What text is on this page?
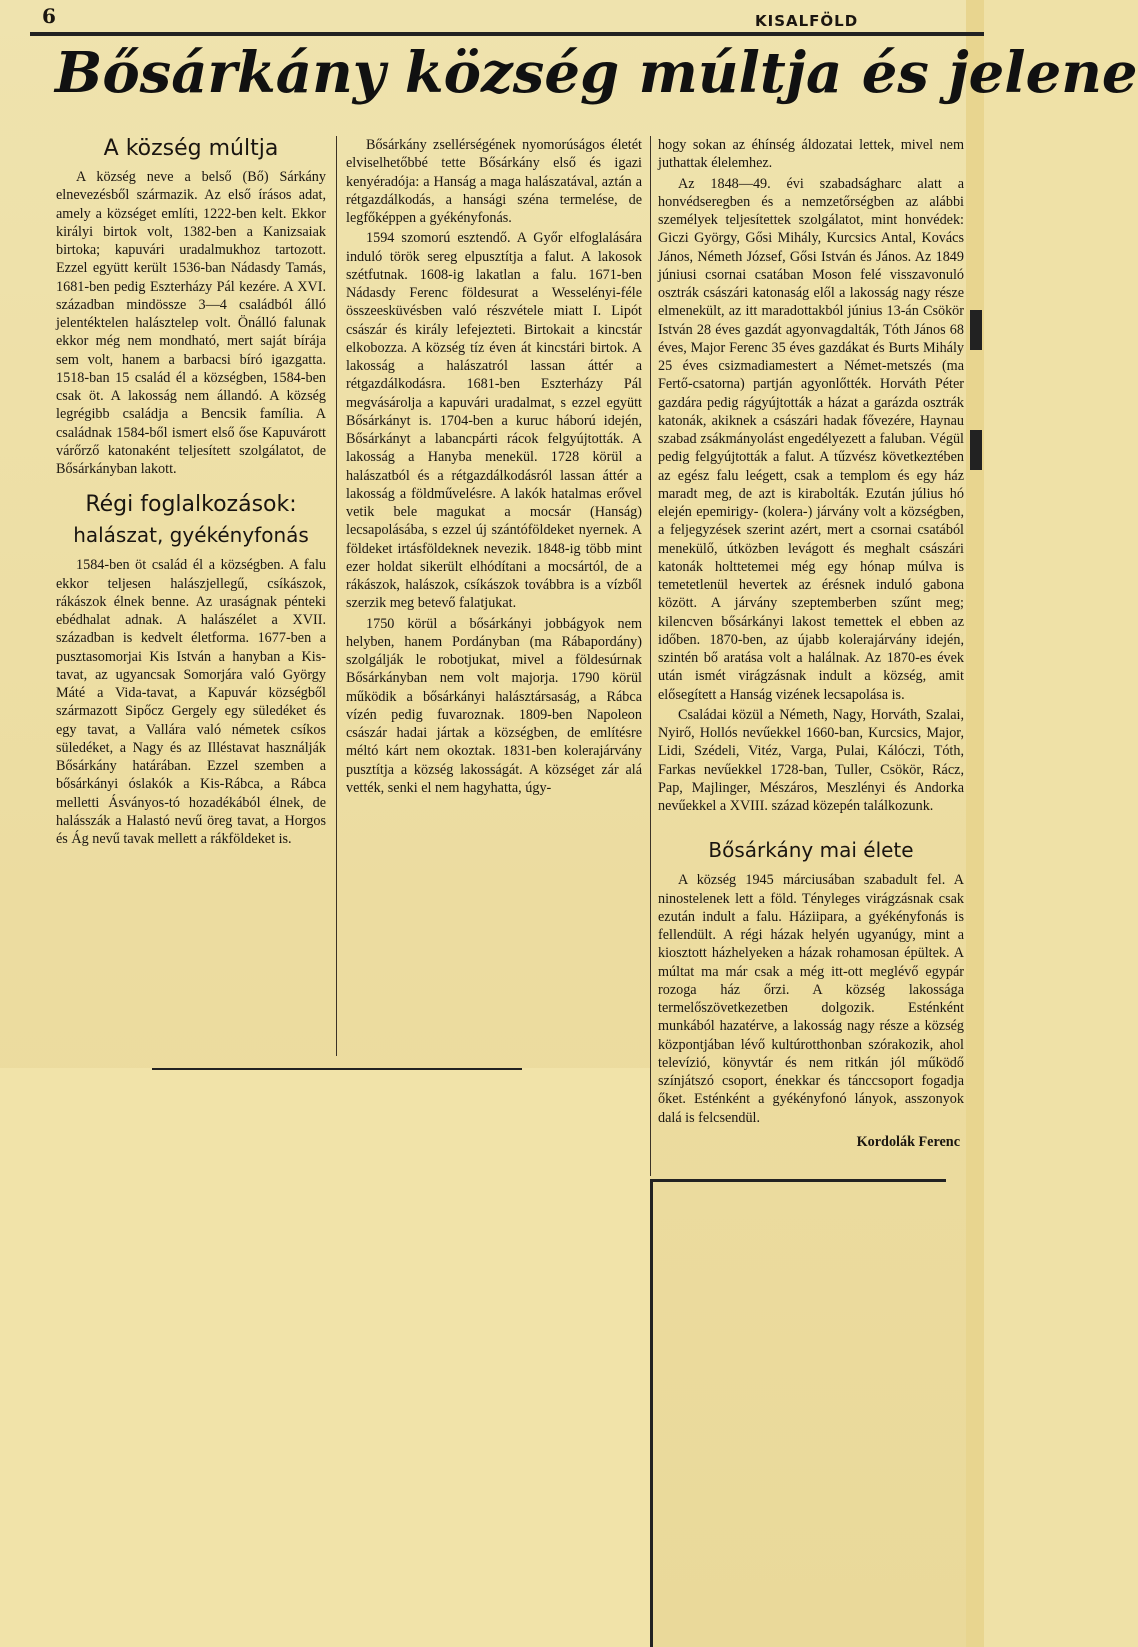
6	KISALFÖLD
Bősárkány község múltja és jelene
A község múltja

A község neve a belső (Bő) Sárkány elnevezésből származik. Az első írásos adat, amely a községet említi, 1222-ben kelt. Ekkor királyi birtok volt, 1382-ben a Kanizsaiak birtoka; kapuvári uradalmukhoz tartozott. Ezzel együtt került 1536-ban Nádasdy Tamás, 1681-ben pedig Eszterházy Pál kezére. A XVI. században mindössze 3—4 családból álló jelentéktelen halásztelep volt. Önálló falunak ekkor még nem mondható, mert saját bírája sem volt, hanem a barbacsi bíró igazgatta. 1518-ban 15 család él a községben, 1584-ben csak öt. A lakosság nem állandó. A község legrégibb családja a Bencsik família. A családnak 1584-ből ismert első őse Kapuvárott várőrző katonaként teljesített szolgálatot, de Bősárkányban lakott.

Régi foglalkozások:
halászat, gyékényfonás

1584-ben öt család él a községben. A falu ekkor teljesen halászjellegű, csíkászok, rákászok élnek benne. Az uraságnak pénteki ebédhalat adnak. A halászélet a XVII. században is kedvelt életforma. 1677-ben a pusztasomorjai Kis István a hanyban a Kis-tavat, az ugyancsak Somorjára való György Máté a Vida-tavat, a Kapuvár községből származott Sipőcz Gergely egy süledéket és egy tavat, a Vallára való németek csíkos süledéket, a Nagy és az Illéstavat használják Bősárkány határában. Ezzel szemben a bősárkányi óslakók a Kis-Rábca, a Rábca melletti Ásványos-tó hozadékából élnek, de halásszák a Halastó nevű öreg tavat, a Horgos és Ág nevű tavak mellett a rákföldeket is.

Bősárkány zsellérségének nyomorúságos életét elviselhetőbbé tette Bősárkány első és igazi kenyéradója: a Hanság a maga halászatával, aztán a rétgazdálkodás, a hansági széna termelése, de legfőképpen a gyékényfonás.

1594 szomorú esztendő. A Győr elfoglalására induló török sereg elpusztítja a falut. A lakosok szétfutnak. 1608-ig lakatlan a falu. 1671-ben Nádasdy Ferenc földesurat a Wesselényi-féle összeesküvésben való részvétele miatt I. Lipót császár és király lefejezteti. Birtokait a kincstár elkobozza. A község tíz éven át kincstári birtok. A lakosság a halászatról lassan áttér a rétgazdálkodásra. 1681-ben Eszterházy Pál megvásárolja a kapuvári uradalmat, s ezzel együtt Bősárkányt is. 1704-ben a kuruc háború idején, Bősárkányt a labancpárti rácok felgyújtották. A lakosság a Hanyba menekül. 1728 körül a halászatból és a rétgazdálkodásról lassan áttér a lakosság a földművelésre. A lakók hatalmas erővel vetik bele magukat a mocsár (Hanság) lecsapolásába, s ezzel új szántóföldeket nyernek. A földeket irtásföldeknek nevezik. 1848-ig több mint ezer holdat sikerült elhódítani a mocsártól, de a rákászok, halászok, csíkászok továbbra is a vízből szerzik meg betevő falatjukat.

1750 körül a bősárkányi jobbágyok nem helyben, hanem Pordányban (ma Rábapordány) szolgálják le robotjukat, mivel a földesúrnak Bősárkányban nem volt majorja. 1790 körül működik a bősárkányi halásztársaság, a Rábca vízén pedig fuvaroznak. 1809-ben Napoleon császár hadai jártak a községben, de említésre méltó kárt nem okoztak. 1831-ben kolerajárvány pusztítja a község lakosságát. A községet zár alá vették, senki el nem hagyhatta, úgy-

hogy sokan az éhínség áldozatai lettek, mivel nem juthattak élelemhez.

Az 1848—49. évi szabadságharc alatt a honvédseregben és a nemzetőrségben az alábbi személyek teljesítettek szolgálatot, mint honvédek: Giczi György, Gősi Mihály, Kurcsics Antal, Kovács János, Németh József, Gősi István és János. Az 1849 júniusi csornai csatában Moson felé visszavonuló osztrák császári katonaság elől a lakosság nagy része elmenekült, az itt maradottakból június 13-án Csökör István 28 éves gazdát agyonvagdalták, Tóth János 68 éves, Major Ferenc 35 éves gazdákat és Burts Mihály 25 éves csizmadiamestert a Német-metszés (ma Fertő-csatorna) partján agyonlőtték. Horváth Péter gazdára pedig rágyújtották a házat a garázda osztrák katonák, akiknek a császári hadak fővezére, Haynau szabad zsákmányolást engedélyezett a faluban. Végül pedig felgyújtották a falut. A tűzvész következtében az egész falu leégett, csak a templom és egy ház maradt meg, de azt is kirabolták. Ezután július hó elején epemirigy- (kolera-) járvány volt a községben, a feljegyzések szerint azért, mert a csornai csatából menekülő, útközben levágott és meghalt császári katonák holttetemei még egy hónap múlva is temetetlenül hevertek az érésnek induló gabona között. A járvány szeptemberben szűnt meg; kilencven bősárkányi lakost temettek el ebben az időben. 1870-ben, az újabb kolerajárvány idején, szintén bő aratása volt a halálnak. Az 1870-es évek után ismét virágzásnak indult a község, amit elősegített a Hanság vizének lecsapolása is.

Családai közül a Németh, Nagy, Horváth, Szalai, Nyirő, Hollós nevűekkel 1660-ban, Kurcsics, Major, Lidi, Szédeli, Vitéz, Varga, Pulai, Kálóczi, Tóth, Farkas nevűekkel 1728-ban, Tuller, Csökör, Rácz, Pap, Majlinger, Mészáros, Meszlényi és Andorka nevűekkel a XVIII. század közepén találkozunk.

Bősárkány mai élete

A község 1945 márciusában szabadult fel. A ninostelenek lett a föld. Tényleges virágzásnak csak ezután indult a falu. Háziipara, a gyékényfonás is fellendült. A régi házak helyén ugyanúgy, mint a kiosztott házhelyeken a házak rohamosan épültek. A múltat ma már csak a még itt-ott meglévő egypár rozoga ház őrzi. A község lakossága termelőszövetkezetben dolgozik. Esténként munkából hazatérve, a lakosság nagy része a község központjában lévő kultúrotthonban szórakozik, ahol televízió, könyvtár és nem ritkán jól működő színjátszó csoport, énekkar és tánccsoport fogadja őket. Esténként a gyékényfonó lányok, asszonyok dalá is felcsendül.

Kordolák Ferenc
